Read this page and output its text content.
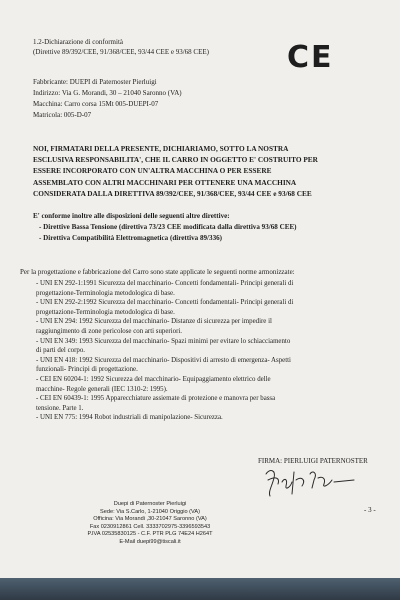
1.2-Dichiarazione di conformità
(Direttive 89/392/CEE, 91/368/CEE, 93/44 CEE e 93/68 CEE)	CE
Fabbricante: DUEPI di Paternoster Pierluigi
Indirizzo: Via G. Morandi, 30 – 21040 Saronno (VA)
Macchina: Carro corsa 15Mt 005-DUEPI-07
Matricola: 005-D-07
NOI, FIRMATARI DELLA PRESENTE, DICHIARIAMO, SOTTO LA NOSTRA
ESCLUSIVA RESPONSABILITA', CHE IL CARRO IN OGGETTO E' COSTRUITO PER
ESSERE INCORPORATO CON UN'ALTRA MACCHINA O PER ESSERE
ASSEMBLATO CON ALTRI MACCHINARI PER OTTENERE UNA MACCHINA
CONSIDERATA DALLA DIRETTIVA 89/392/CEE, 91/368/CEE, 93/44 CEE e 93/68 CEE
E' conforme inoltre alle disposizioni delle seguenti altre direttive:
- Direttive Bassa Tensione (direttiva 73/23 CEE modificata dalla direttiva 93/68 CEE)
- Direttiva Compatibilità Elettromagnetica (direttiva 89/336)
Per la progettazione e fabbricazione del Carro sono state applicate le seguenti norme armonizzate:
- UNI EN 292-1:1991 Sicurezza del macchinario- Concetti fondamentali- Principi generali di
progettazione-Terminologia metodologica di base.
- UNI EN 292-2:1992 Sicurezza del macchinario- Concetti fondamentali- Principi generali di
progettazione-Terminologia metodologica di base.
- UNI EN 294: 1992 Sicurezza del macchinario- Distanze di sicurezza per impedire il
raggiungimento di zone pericolose con arti superiori.
- UNI EN 349: 1993 Sicurezza del macchinario- Spazi minimi per evitare lo schiacciamento
di parti del corpo.
- UNI EN 418: 1992 Sicurezza del macchinario- Dispositivi di arresto di emergenza- Aspetti
funzionali- Principi di progettazione.
- CEI EN 60204-1: 1992 Sicurezza del macchinario- Equipaggiamento elettrico delle
macchine- Regole generali (IEC 1310-2: 1995).
- CEI EN 60439-1: 1995 Apparecchiature assiemate di protezione e manovra per bassa
tensione. Parte 1.
- UNI EN 775: 1994 Robot industriali di manipolazione- Sicurezza.
FIRMA: PIERLUIGI PATERNOSTER
- 3 -
Duepi di Paternoster Pierluigi
Sede: Via S.Carlo, 1-21040 Origgio (VA)
Officina: Via Morandi ,30-21047 Saronno (VA)
Fax 0230912861 Cell. 3333702975-3396593543
P.IVA 02535830125 - C.F. PTR PLG 74E24 H264T
E-Mail duepi99@tiscali.it
